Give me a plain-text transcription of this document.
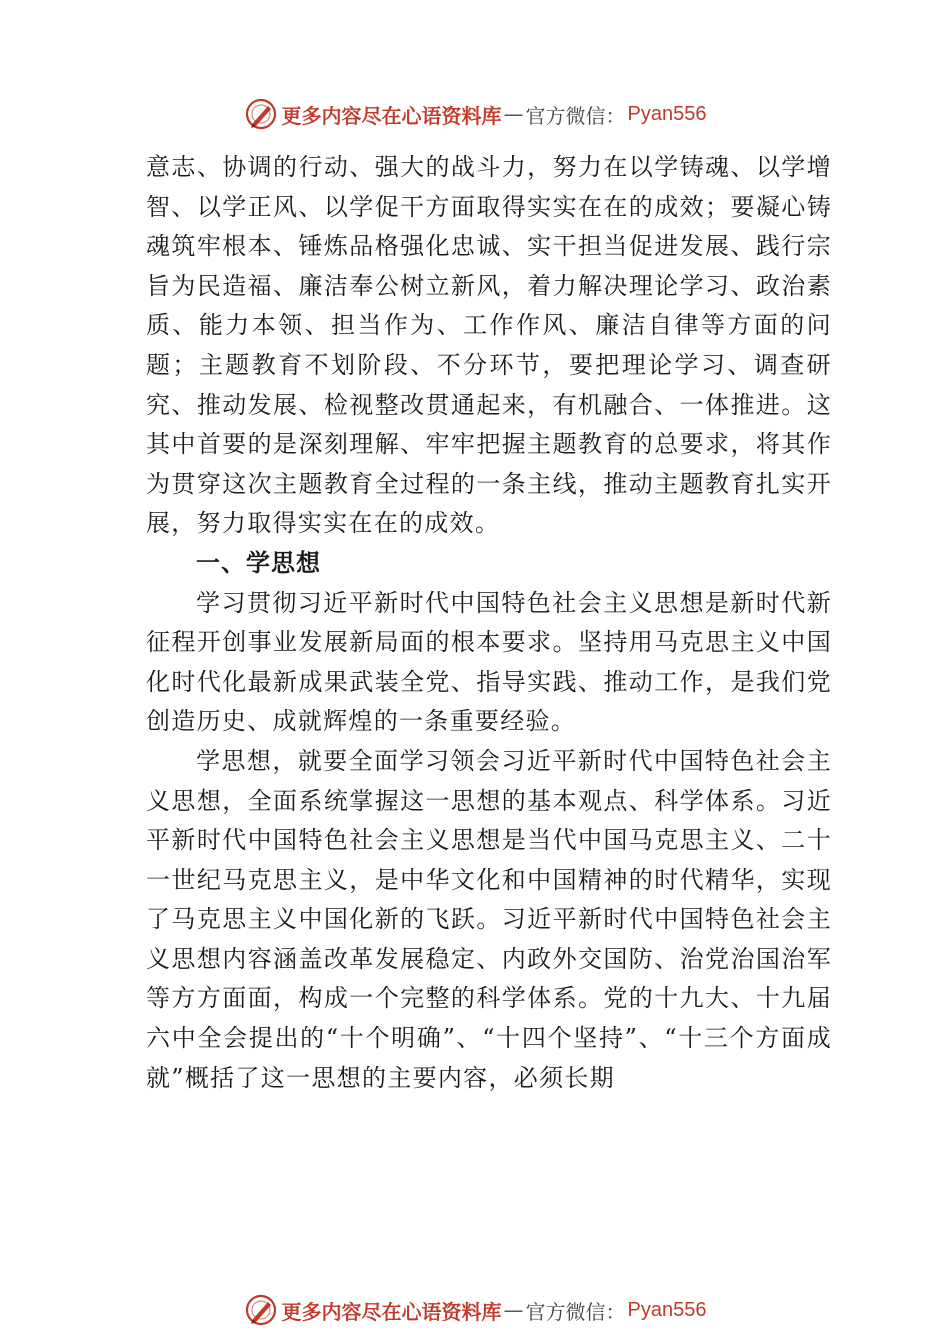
更多内容尽在心语资料库 — 官方微信： Pyan556

意志、协调的行动、强大的战斗力，努力在以学铸魂、以学增智、以学正风、以学促干方面取得实实在在的成效；要凝心铸魂筑牢根本、锤炼品格强化忠诚、实干担当促进发展、践行宗旨为民造福、廉洁奉公树立新风，着力解决理论学习、政治素质、能力本领、担当作为、工作作风、廉洁自律等方面的问题；主题教育不划阶段、不分环节，要把理论学习、调查研究、推动发展、检视整改贯通起来，有机融合、一体推进。这其中首要的是深刻理解、牢牢把握主题教育的总要求，将其作为贯穿这次主题教育全过程的一条主线，推动主题教育扎实开展，努力取得实实在在的成效。

一、学思想

学习贯彻习近平新时代中国特色社会主义思想是新时代新征程开创事业发展新局面的根本要求。坚持用马克思主义中国化时代化最新成果武装全党、指导实践、推动工作，是我们党创造历史、成就辉煌的一条重要经验。

学思想，就要全面学习领会习近平新时代中国特色社会主义思想，全面系统掌握这一思想的基本观点、科学体系。习近平新时代中国特色社会主义思想是当代中国马克思主义、二十一世纪马克思主义，是中华文化和中国精神的时代精华，实现了马克思主义中国化新的飞跃。习近平新时代中国特色社会主义思想内容涵盖改革发展稳定、内政外交国防、治党治国治军等方方面面，构成一个完整的科学体系。党的十九大、十九届六中全会提出的“十个明确”、“十四个坚持”、“十三个方面成就”概括了这一思想的主要内容，必须长期

更多内容尽在心语资料库 — 官方微信： Pyan556
